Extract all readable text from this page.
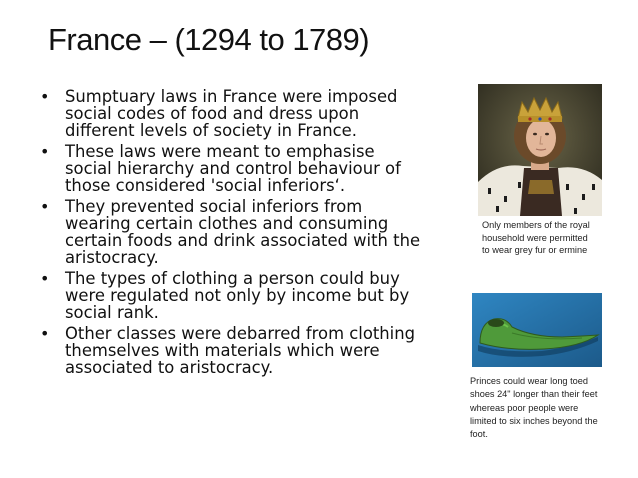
France – (1294 to 1789)
• Sumptuary laws in France were imposed
social codes of food and dress upon
different levels of society in France.
• These laws were meant to emphasise
social hierarchy and control behaviour of
those considered 'social inferiors‘.
• They prevented social inferiors from
wearing certain clothes and consuming
certain foods and drink associated with the
aristocracy.
• The types of clothing a person could buy
were regulated not only by income but by
social rank.
• Other classes were debarred from clothing
themselves with materials which were
associated to aristocracy.
Only members of the royal
household were permitted
to wear grey fur or ermine
Princes could wear long toed
shoes 24" longer than their feet
whereas poor people were
limited to six inches beyond the
foot.
